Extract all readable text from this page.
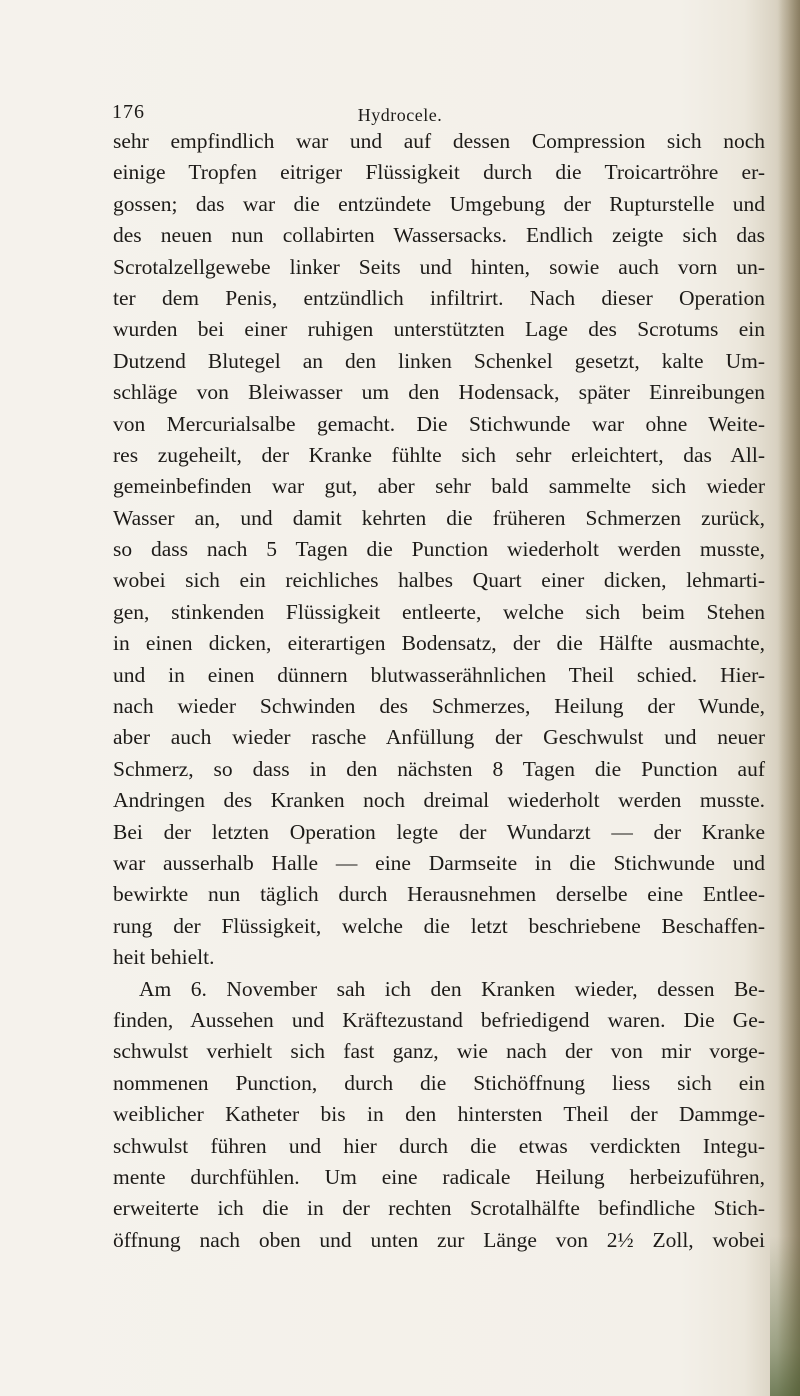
176	Hydrocele.
sehr empfindlich war und auf dessen Compression sich noch
einige Tropfen eitriger Flüssigkeit durch die Troicartröhre er-
gossen; das war die entzündete Umgebung der Rupturstelle und
des neuen nun collabirten Wassersacks. Endlich zeigte sich das
Scrotalzellgewebe linker Seits und hinten, sowie auch vorn un-
ter dem Penis, entzündlich infiltrirt. Nach dieser Operation
wurden bei einer ruhigen unterstützten Lage des Scrotums ein
Dutzend Blutegel an den linken Schenkel gesetzt, kalte Um-
schläge von Bleiwasser um den Hodensack, später Einreibungen
von Mercurialsalbe gemacht. Die Stichwunde war ohne Weite-
res zugeheilt, der Kranke fühlte sich sehr erleichtert, das All-
gemeinbefinden war gut, aber sehr bald sammelte sich wieder
Wasser an, und damit kehrten die früheren Schmerzen zurück,
so dass nach 5 Tagen die Punction wiederholt werden musste,
wobei sich ein reichliches halbes Quart einer dicken, lehmarti-
gen, stinkenden Flüssigkeit entleerte, welche sich beim Stehen
in einen dicken, eiterartigen Bodensatz, der die Hälfte ausmachte,
und in einen dünnern blutwasserähnlichen Theil schied. Hier-
nach wieder Schwinden des Schmerzes, Heilung der Wunde,
aber auch wieder rasche Anfüllung der Geschwulst und neuer
Schmerz, so dass in den nächsten 8 Tagen die Punction auf
Andringen des Kranken noch dreimal wiederholt werden musste.
Bei der letzten Operation legte der Wundarzt — der Kranke
war ausserhalb Halle — eine Darmseite in die Stichwunde und
bewirkte nun täglich durch Herausnehmen derselbe eine Entlee-
rung der Flüssigkeit, welche die letzt beschriebene Beschaffen-
heit behielt.
Am 6. November sah ich den Kranken wieder, dessen Be-
finden, Aussehen und Kräftezustand befriedigend waren. Die Ge-
schwulst verhielt sich fast ganz, wie nach der von mir vorge-
nommenen Punction, durch die Stichöffnung liess sich ein
weiblicher Katheter bis in den hintersten Theil der Dammge-
schwulst führen und hier durch die etwas verdickten Integu-
mente durchfühlen. Um eine radicale Heilung herbeizuführen,
erweiterte ich die in der rechten Scrotalhälfte befindliche Stich-
öffnung nach oben und unten zur Länge von 2½ Zoll, wobei
